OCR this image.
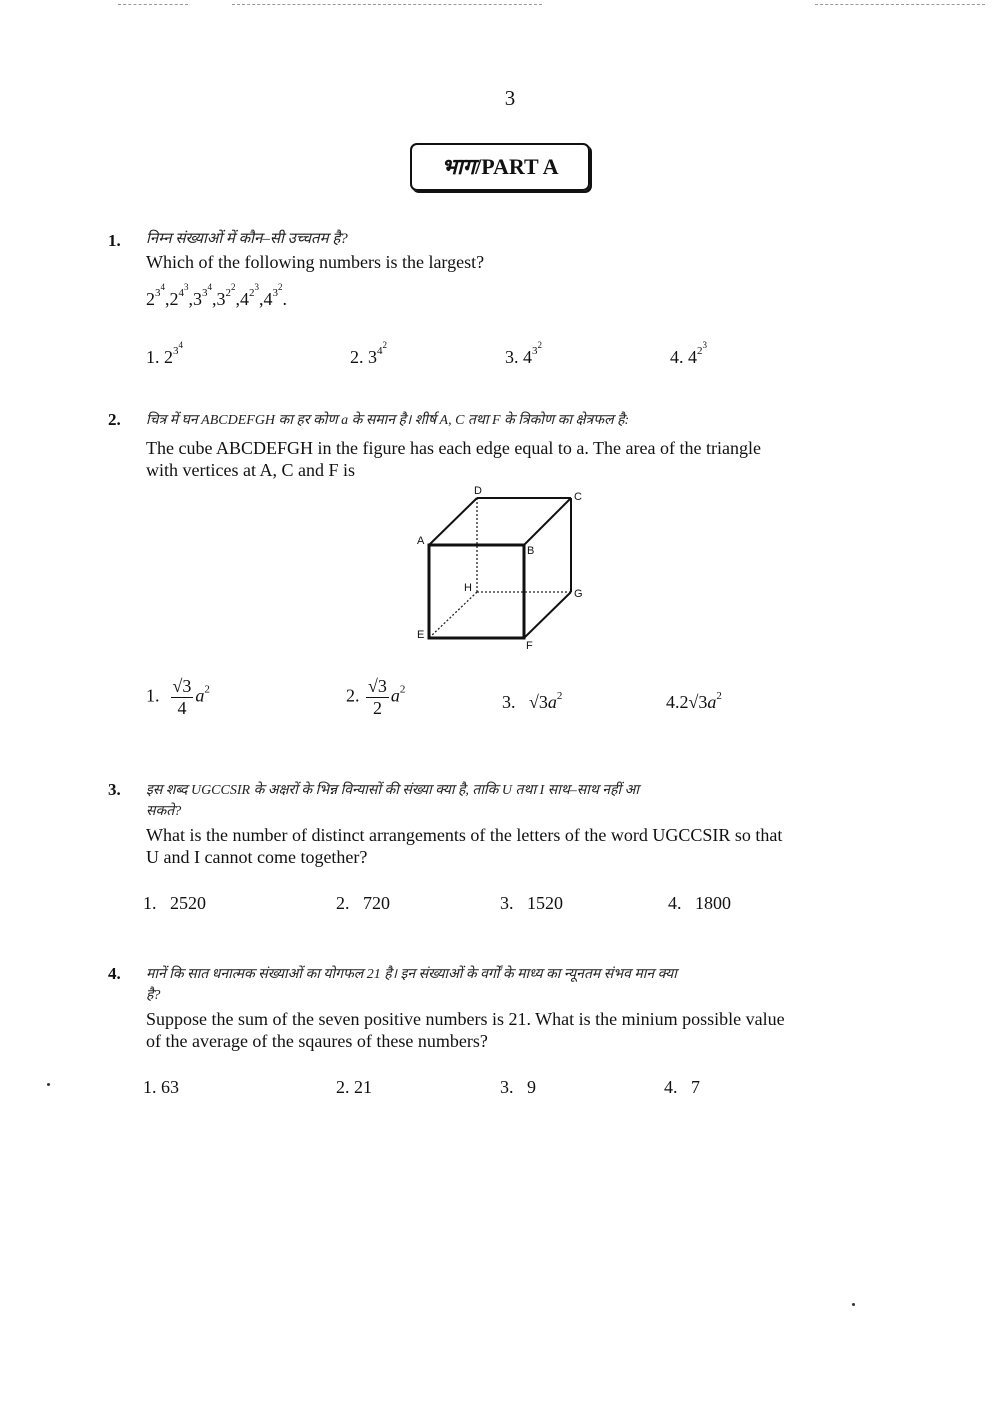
3
भाग/PART A
1. निम्न संख्याओं में कौन–सी उच्चतम है?
Which of the following numbers is the largest?
$2^{3^4},2^{4^3},3^{3^4},3^{2^2},4^{2^3},4^{3^2}$.
1. $2^{3^4}$
2. $3^{4^2}$
3. $4^{3^2}$
4. $4^{2^3}$
2. चित्र में घन ABCDEFGH का हर कोण a के समान है। शीर्ष A, C तथा F के त्रिकोण का क्षेत्रफल है:
The cube ABCDEFGH in the figure has each edge equal to a. The area of the triangle
with vertices at A, C and F is
D	C
A
B
H	G
E
F
1. $\frac{√3}{4} a^2$	2. $\frac{√3}{2} a^2$
3. $√3a^2$	$4.2√3a^2$
3. इस शब्द UGCCSIR के अक्षरों के भिन्न विन्यासों की संख्या क्या है, ताकि U तथा I साथ–साथ नहीं आ
सकते?
What is the number of distinct arrangements of the letters of the word UGCCSIR so that
U and I cannot come together?
1. 2520	2. 720	3. 1520	4. 1800
4. मानें कि सात धनात्मक संख्याओं का योगफल 21 है। इन संख्याओं के वर्गों के माध्य का न्यूनतम संभव मान क्या
है?
Suppose the sum of the seven positive numbers is 21. What is the minium possible value
of the average of the sqaures of these numbers?
1. 63	2. 21	3. 9	4. 7
